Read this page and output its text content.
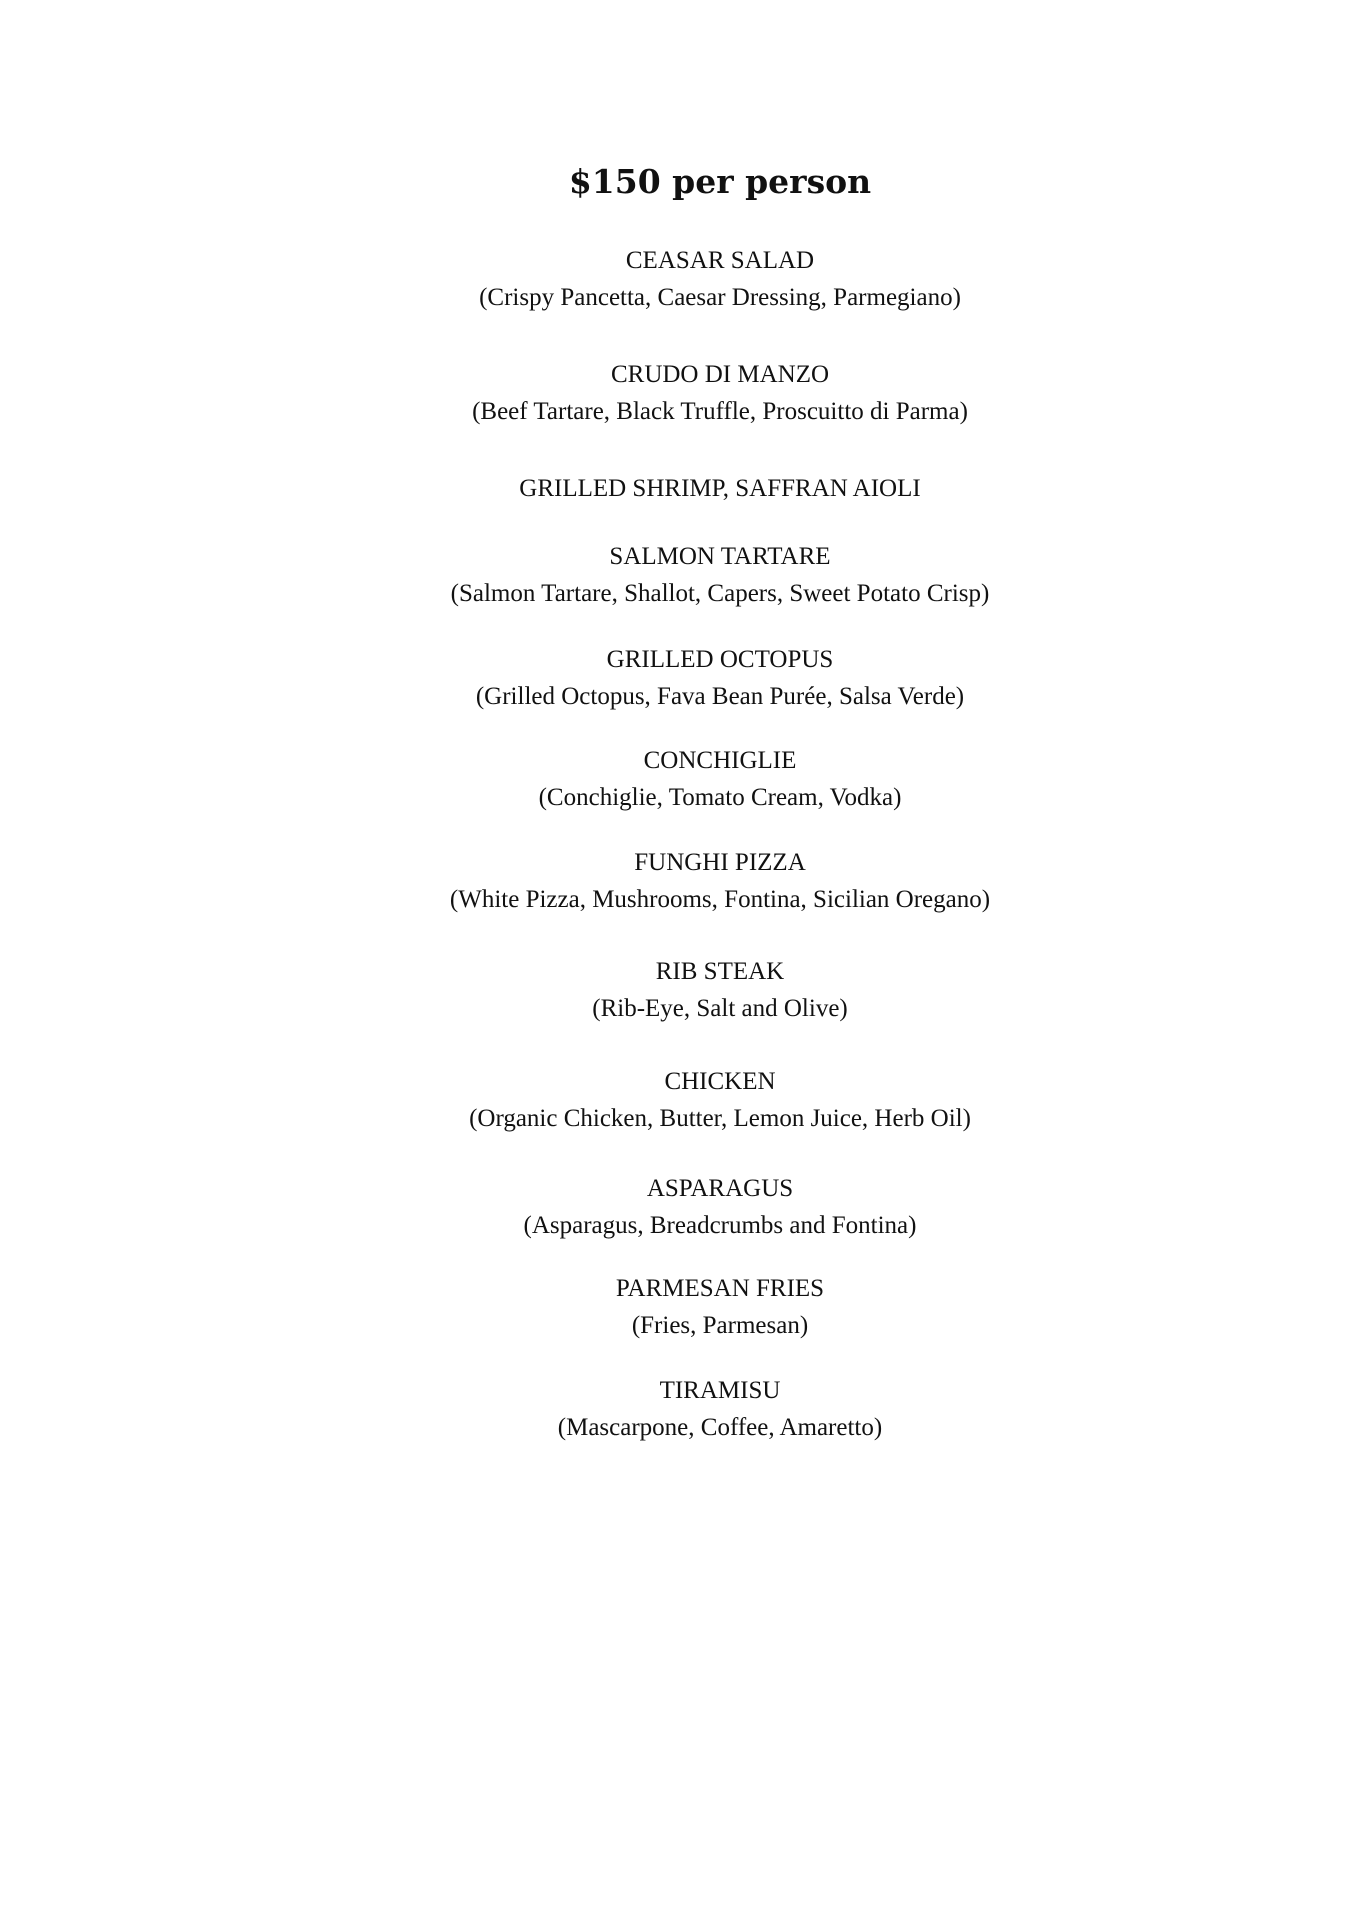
$150 per person
CEASAR SALAD
(Crispy Pancetta, Caesar Dressing, Parmegiano)
CRUDO DI MANZO
(Beef Tartare, Black Truffle, Proscuitto di Parma)
GRILLED SHRIMP, SAFFRAN AIOLI
SALMON TARTARE
(Salmon Tartare, Shallot, Capers, Sweet Potato Crisp)
GRILLED OCTOPUS
(Grilled Octopus, Fava Bean Purée, Salsa Verde)
CONCHIGLIE
(Conchiglie, Tomato Cream, Vodka)
FUNGHI PIZZA
(White Pizza, Mushrooms, Fontina, Sicilian Oregano)
RIB STEAK
(Rib-Eye, Salt and Olive)
CHICKEN
(Organic Chicken, Butter, Lemon Juice, Herb Oil)
ASPARAGUS
(Asparagus, Breadcrumbs and Fontina)
PARMESAN FRIES
(Fries, Parmesan)
TIRAMISU
(Mascarpone, Coffee, Amaretto)
